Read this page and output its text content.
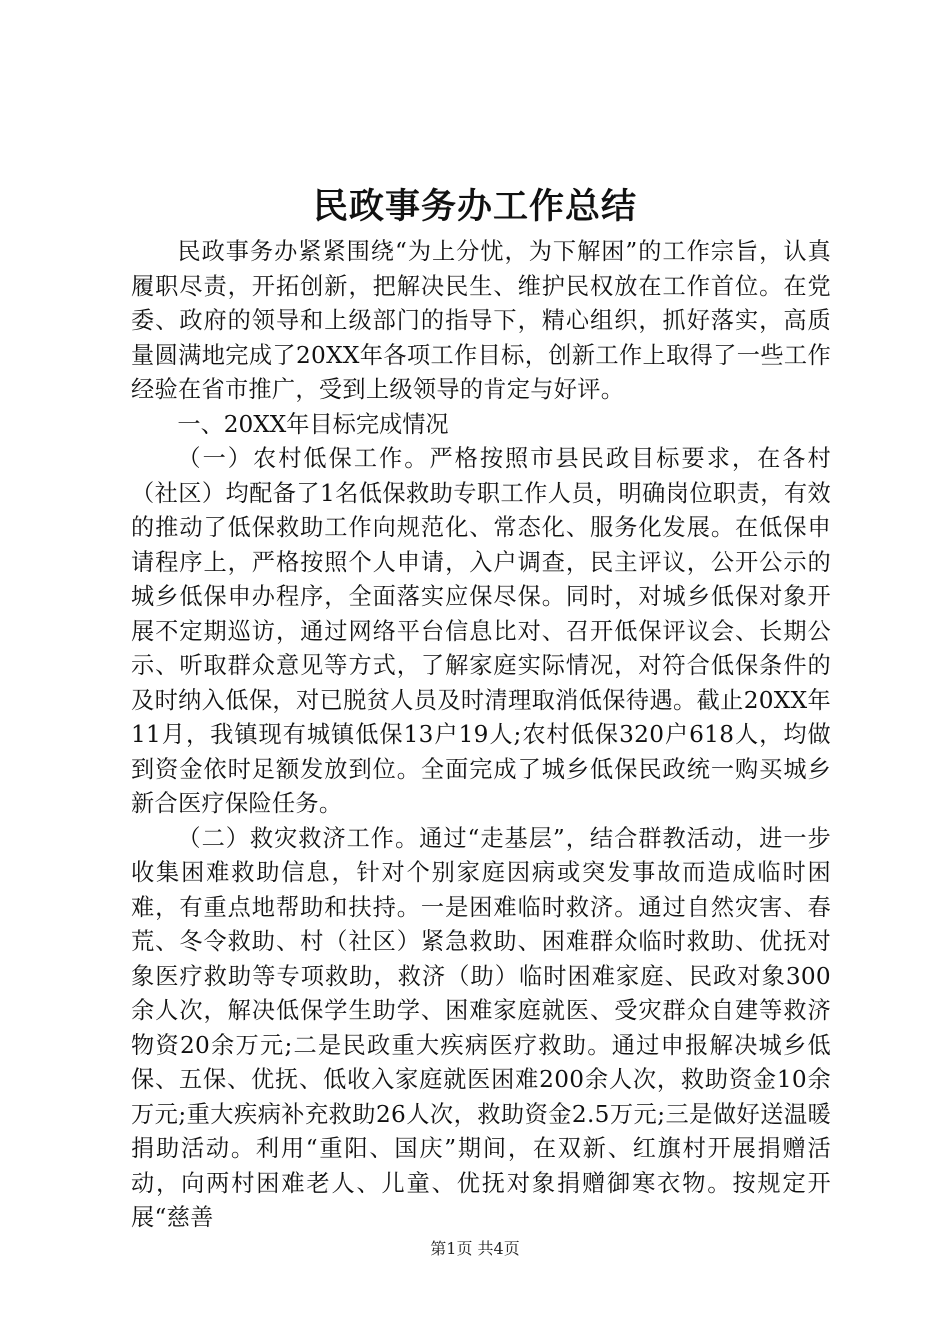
民政事务办工作总结

民政事务办紧紧围绕“为上分忧，为下解困”的工作宗旨，认真履职尽责，开拓创新，把解决民生、维护民权放在工作首位。在党委、政府的领导和上级部门的指导下，精心组织，抓好落实，高质量圆满地完成了20XX年各项工作目标，创新工作上取得了一些工作经验在省市推广，受到上级领导的肯定与好评。

一、20XX年目标完成情况

（一）农村低保工作。严格按照市县民政目标要求，在各村（社区）均配备了1名低保救助专职工作人员，明确岗位职责，有效的推动了低保救助工作向规范化、常态化、服务化发展。在低保申请程序上，严格按照个人申请，入户调查，民主评议，公开公示的城乡低保申办程序，全面落实应保尽保。同时，对城乡低保对象开展不定期巡访，通过网络平台信息比对、召开低保评议会、长期公示、听取群众意见等方式，了解家庭实际情况，对符合低保条件的及时纳入低保，对已脱贫人员及时清理取消低保待遇。截止20XX年11月，我镇现有城镇低保13户19人;农村低保320户618人，均做到资金依时足额发放到位。全面完成了城乡低保民政统一购买城乡新合医疗保险任务。

（二）救灾救济工作。通过“走基层”，结合群教活动，进一步收集困难救助信息，针对个别家庭因病或突发事故而造成临时困难，有重点地帮助和扶持。一是困难临时救济。通过自然灾害、春荒、冬令救助、村（社区）紧急救助、困难群众临时救助、优抚对象医疗救助等专项救助，救济（助）临时困难家庭、民政对象300余人次，解决低保学生助学、困难家庭就医、受灾群众自建等救济物资20余万元;二是民政重大疾病医疗救助。通过申报解决城乡低保、五保、优抚、低收入家庭就医困难200余人次，救助资金10余万元;重大疾病补充救助26人次，救助资金2.5万元;三是做好送温暖捐助活动。利用“重阳、国庆”期间，在双新、红旗村开展捐赠活动，向两村困难老人、儿童、优抚对象捐赠御寒衣物。按规定开展“慈善

第1页 共4页
